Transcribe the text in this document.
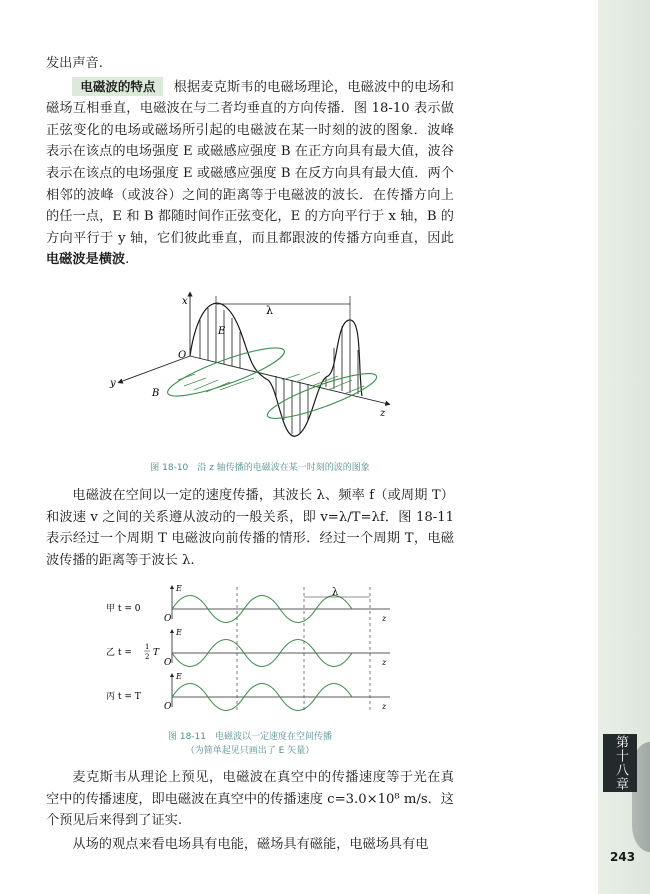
第十八章
243

发出声音.

电磁波的特点 根据麦克斯韦的电磁场理论，电磁波中的电场和磁场互相垂直，电磁波在与二者均垂直的方向传播．图 18-10 表示做正弦变化的电场或磁场所引起的电磁波在某一时刻的波的图象．波峰表示在该点的电场强度 E 或磁感应强度 B 在正方向具有最大值，波谷表示在该点的电场强度 E 或磁感应强度 B 在反方向具有最大值．两个相邻的波峰（或波谷）之间的距离等于电磁波的波长．在传播方向上的任一点，E 和 B 都随时间作正弦变化，E 的方向平行于 x 轴，B 的方向平行于 y 轴，它们彼此垂直，而且都跟波的传播方向垂直，因此电磁波是横波.

x
y
z
O
E
B
λ
图 18-10　沿 z 轴传播的电磁波在某一时刻的波的图象

电磁波在空间以一定的速度传播，其波长 λ、频率 f（或周期 T）和波速 v 之间的关系遵从波动的一般关系，即 v=λ/T=λf．图 18-11 表示经过一个周期 T 电磁波向前传播的情形．经过一个周期 T，电磁波传播的距离等于波长 λ.

甲 t = 0
E
O	z
λ
乙 t =
1
2 T
E
O	z
丙 t = T
E
O	z
图 18-11　电磁波以一定速度在空间传播
（为简单起见只画出了 E 矢量）

麦克斯韦从理论上预见，电磁波在真空中的传播速度等于光在真空中的传播速度，即电磁波在真空中的传播速度 c=3.0×10⁸ m/s．这个预见后来得到了证实.

从场的观点来看电场具有电能，磁场具有磁能，电磁场具有电
